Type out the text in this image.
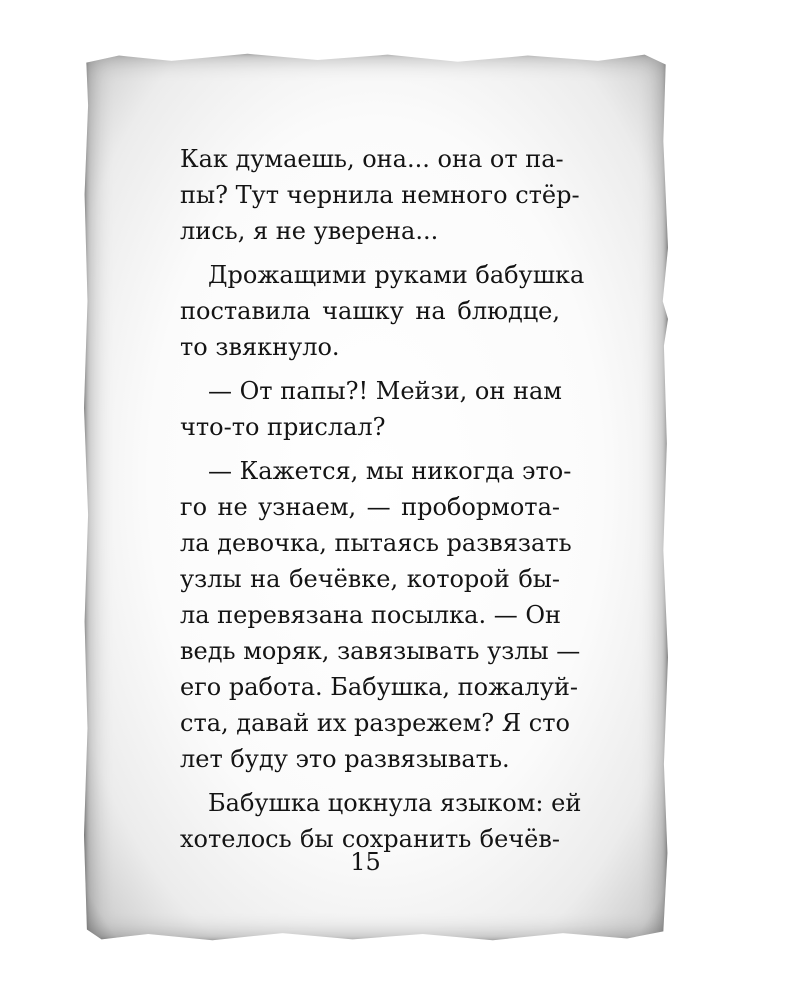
Как думаешь, она... она от па-
пы? Тут чернила немного стёр-
лись, я не уверена...
Дрожащими руками бабушка
поставила чашку на блюдце,
то звякнуло.
— От папы?! Мейзи, он нам
что-то прислал?
— Кажется, мы никогда это-
го не узнаем, — пробормота-
ла девочка, пытаясь развязать
узлы на бечёвке, которой бы-
ла перевязана посылка. — Он
ведь моряк, завязывать узлы —
его работа. Бабушка, пожалуй-
ста, давай их разрежем? Я сто
лет буду это развязывать.
Бабушка цокнула языком: ей
хотелось бы сохранить бечёв-
15
